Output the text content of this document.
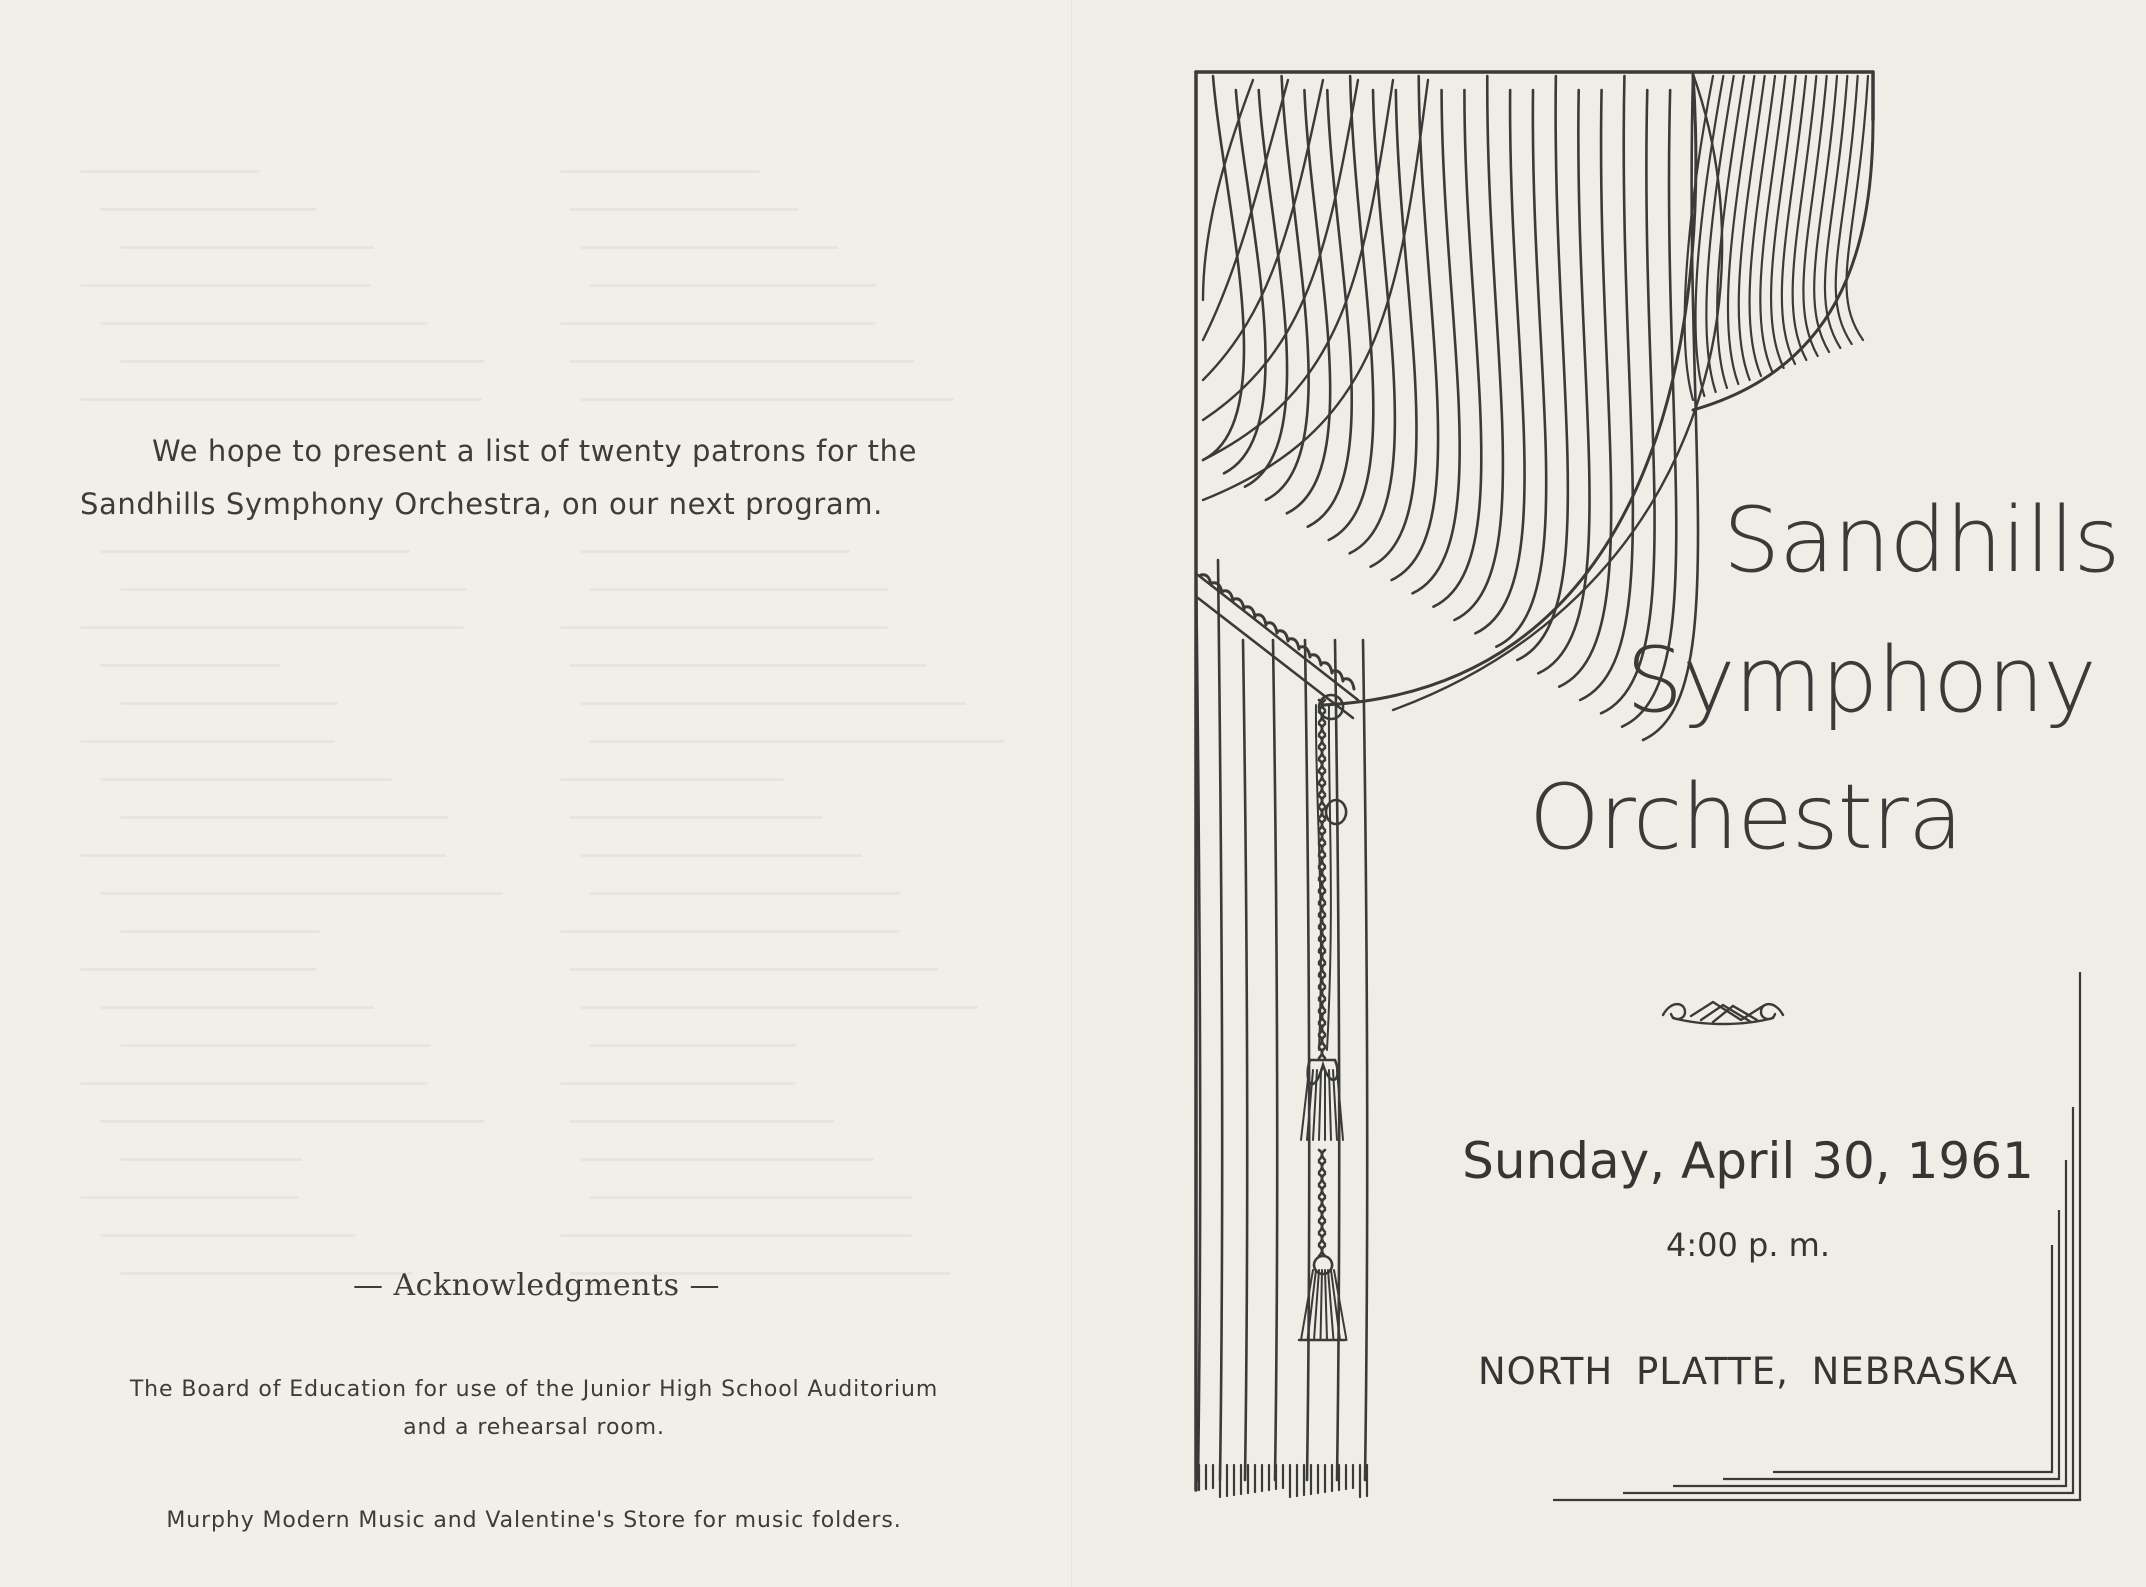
We hope to present a list of twenty patrons for the
Sandhills Symphony Orchestra, on our next program.
— Acknowledgments —
The Board of Education for use of the Junior High School Auditorium
and a rehearsal room.
Murphy Modern Music and Valentine's Store for music folders.
Sandhills
Symphony
Orchestra
Sunday, April 30, 1961
4:00 p. m.
NORTH PLATTE, NEBRASKA
